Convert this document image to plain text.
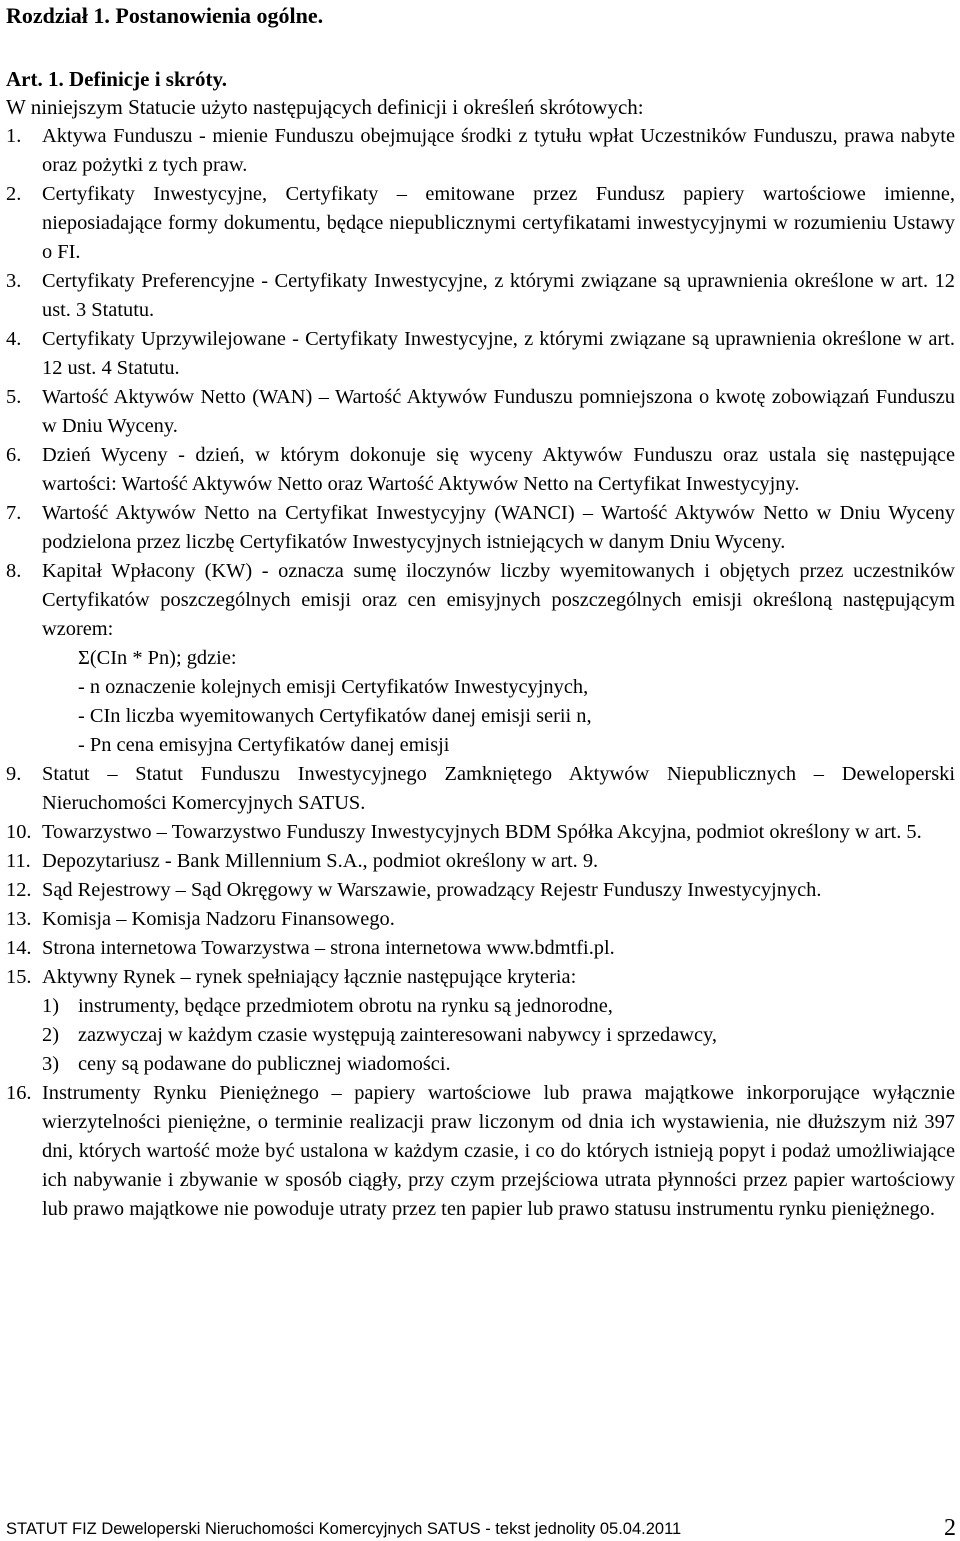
Rozdział 1. Postanowienia ogólne.
Art. 1. Definicje i skróty.

W niniejszym Statucie użyto następujących definicji i określeń skrótowych:

1. Aktywa Funduszu - mienie Funduszu obejmujące środki z tytułu wpłat Uczestników Funduszu, prawa nabyte oraz pożytki z tych praw.
2. Certyfikaty Inwestycyjne, Certyfikaty – emitowane przez Fundusz papiery wartościowe imienne, nieposiadające formy dokumentu, będące niepublicznymi certyfikatami inwestycyjnymi w rozumieniu Ustawy o FI.
3. Certyfikaty Preferencyjne - Certyfikaty Inwestycyjne, z którymi związane są uprawnienia określone w art. 12 ust. 3 Statutu.
4. Certyfikaty Uprzywilejowane - Certyfikaty Inwestycyjne, z którymi związane są uprawnienia określone w art. 12 ust. 4 Statutu.
5. Wartość Aktywów Netto (WAN) – Wartość Aktywów Funduszu pomniejszona o kwotę zobowiązań Funduszu w Dniu Wyceny.
6. Dzień Wyceny - dzień, w którym dokonuje się wyceny Aktywów Funduszu oraz ustala się następujące wartości: Wartość Aktywów Netto oraz Wartość Aktywów Netto na Certyfikat Inwestycyjny.
7. Wartość Aktywów Netto na Certyfikat Inwestycyjny (WANCI) – Wartość Aktywów Netto w Dniu Wyceny podzielona przez liczbę Certyfikatów Inwestycyjnych istniejących w danym Dniu Wyceny.
8. Kapitał Wpłacony (KW) - oznacza sumę iloczynów liczby wyemitowanych i objętych przez uczestników Certyfikatów poszczególnych emisji oraz cen emisyjnych poszczególnych emisji określoną następującym wzorem:
Σ(CIn * Pn); gdzie:
- n oznaczenie kolejnych emisji Certyfikatów Inwestycyjnych,
- CIn liczba wyemitowanych Certyfikatów danej emisji serii n,
- Pn cena emisyjna Certyfikatów danej emisji
9. Statut – Statut Funduszu Inwestycyjnego Zamkniętego Aktywów Niepublicznych – Deweloperski Nieruchomości Komercyjnych SATUS.
10. Towarzystwo – Towarzystwo Funduszy Inwestycyjnych BDM Spółka Akcyjna, podmiot określony w art. 5.
11. Depozytariusz - Bank Millennium S.A., podmiot określony w art. 9.
12. Sąd Rejestrowy – Sąd Okręgowy w Warszawie, prowadzący Rejestr Funduszy Inwestycyjnych.
13. Komisja – Komisja Nadzoru Finansowego.
14. Strona internetowa Towarzystwa – strona internetowa www.bdmtfi.pl.
15. Aktywny Rynek – rynek spełniający łącznie następujące kryteria:
1) instrumenty, będące przedmiotem obrotu na rynku są jednorodne,
2) zazwyczaj w każdym czasie występują zainteresowani nabywcy i sprzedawcy,
3) ceny są podawane do publicznej wiadomości.
16. Instrumenty Rynku Pieniężnego – papiery wartościowe lub prawa majątkowe inkorporujące wyłącznie wierzytelności pieniężne, o terminie realizacji praw liczonym od dnia ich wystawienia, nie dłuższym niż 397 dni, których wartość może być ustalona w każdym czasie, i co do których istnieją popyt i podaż umożliwiające ich nabywanie i zbywanie w sposób ciągły, przy czym przejściowa utrata płynności przez papier wartościowy lub prawo majątkowe nie powoduje utraty przez ten papier lub prawo statusu instrumentu rynku pieniężnego.
STATUT FIZ Deweloperski Nieruchomości Komercyjnych SATUS - tekst jednolity 05.04.2011	2
